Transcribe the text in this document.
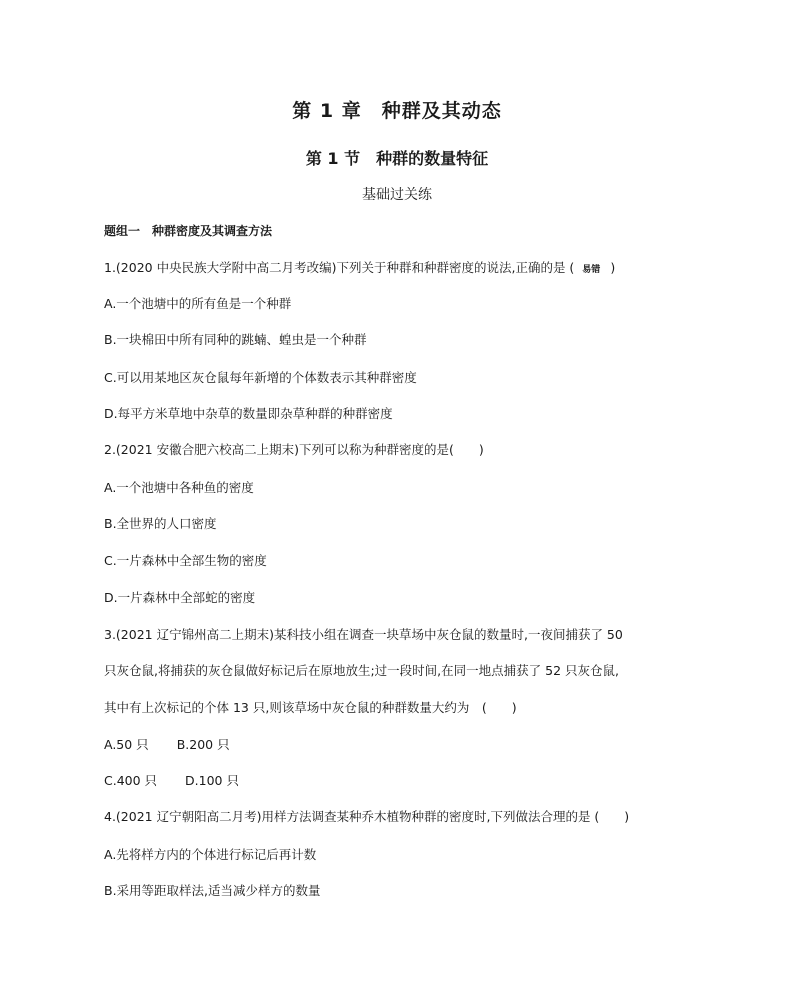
第 1 章　种群及其动态
第 1 节　种群的数量特征
基础过关练
题组一　种群密度及其调查方法
1.(2020 中央民族大学附中高二月考改编)下列关于种群和种群密度的说法,正确的是 ( 易错 )
A.一个池塘中的所有鱼是一个种群
B.一块棉田中所有同种的跳蝻、蝗虫是一个种群
C.可以用某地区灰仓鼠每年新增的个体数表示其种群密度
D.每平方米草地中杂草的数量即杂草种群的种群密度
2.(2021 安徽合肥六校高二上期末)下列可以称为种群密度的是(　　)
A.一个池塘中各种鱼的密度
B.全世界的人口密度
C.一片森林中全部生物的密度
D.一片森林中全部蛇的密度
3.(2021 辽宁锦州高二上期末)某科技小组在调查一块草场中灰仓鼠的数量时,一夜间捕获了 50
只灰仓鼠,将捕获的灰仓鼠做好标记后在原地放生;过一段时间,在同一地点捕获了 52 只灰仓鼠,
其中有上次标记的个体 13 只,则该草场中灰仓鼠的种群数量大约为　(　　)
A.50 只 B.200 只
C.400 只 D.100 只
4.(2021 辽宁朝阳高二月考)用样方法调查某种乔木植物种群的密度时,下列做法合理的是 (　　)
A.先将样方内的个体进行标记后再计数
B.采用等距取样法,适当减少样方的数量
